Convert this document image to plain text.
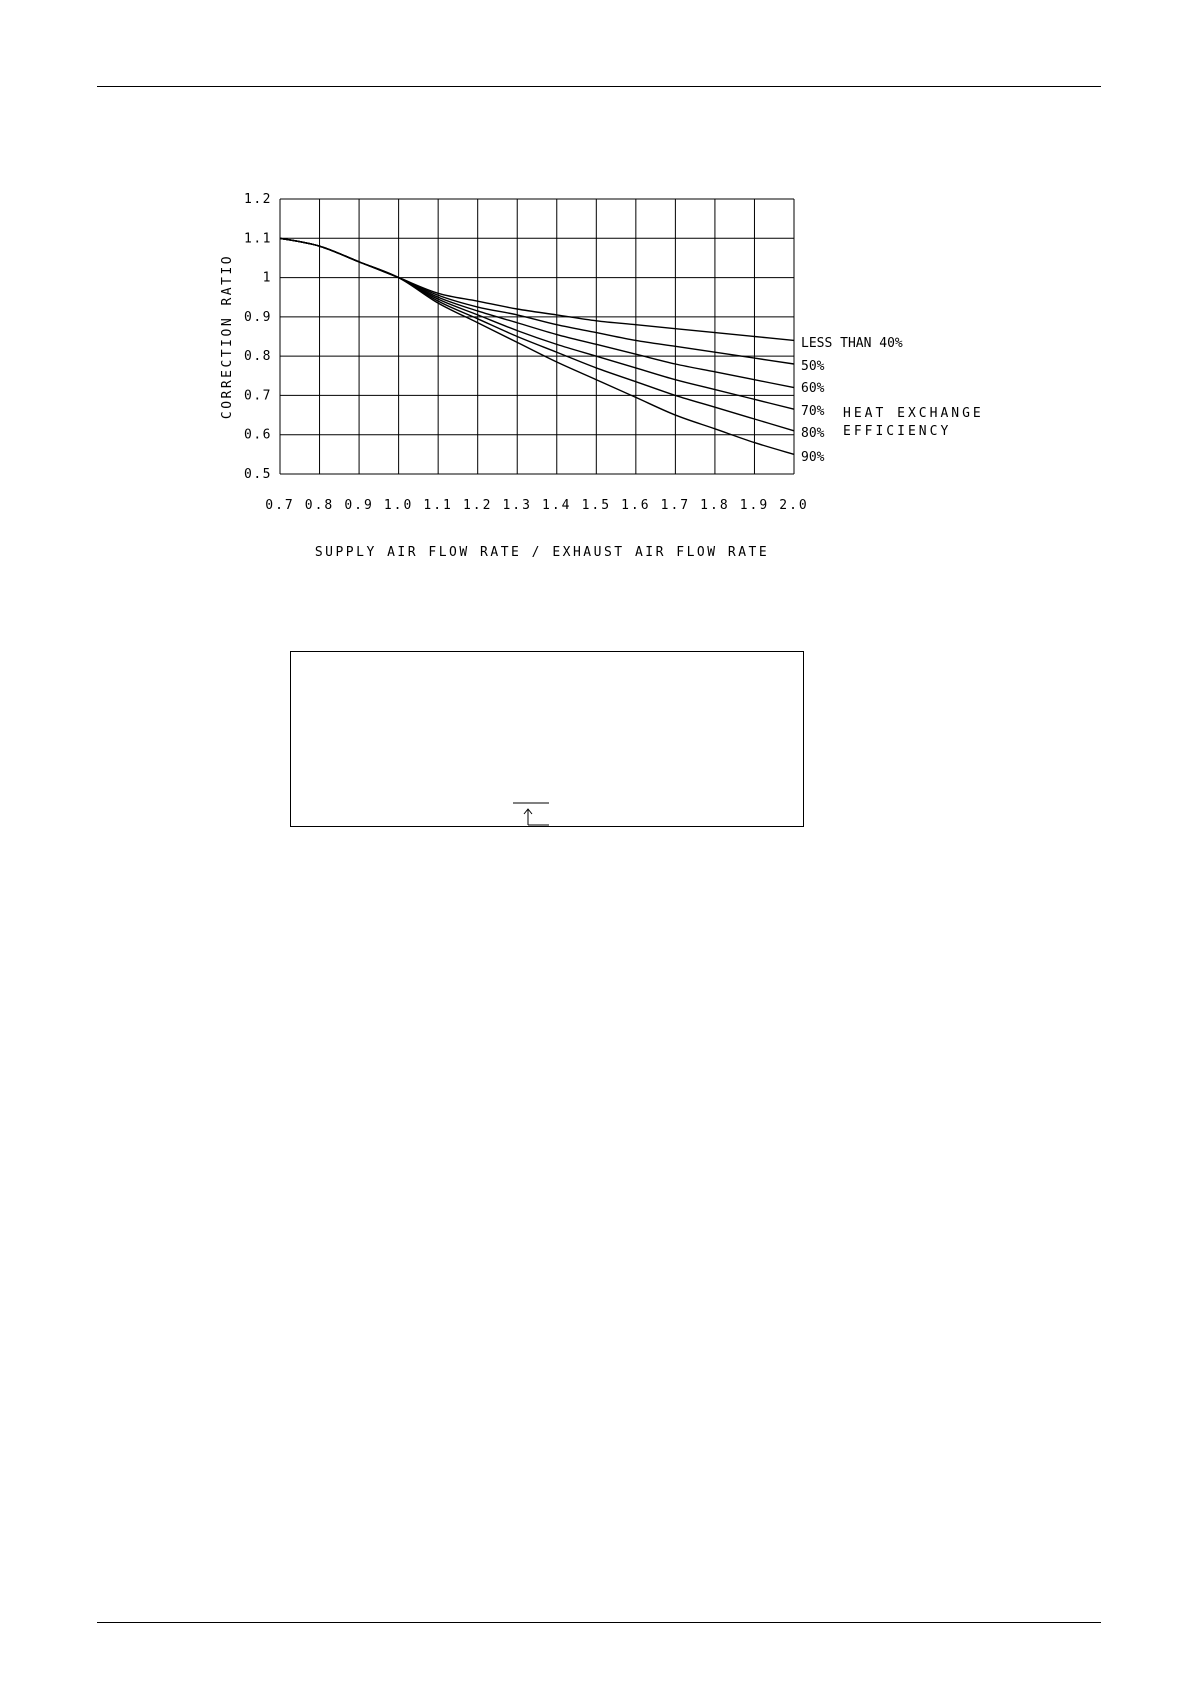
CORRECTION RATIO
SUPPLY AIR FLOW RATE / EXHAUST AIR FLOW RATE
0.5
0.6
0.7
0.8
0.9
1
1.1
1.2
0.7 0.8 0.9 1.0 1.1 1.2 1.3 1.4 1.5 1.6 1.7 1.8 1.9 2.0
HEAT EXCHANGE
EFFICIENCY
LESS THAN 40%
50%
60%
70%
80%
90%
